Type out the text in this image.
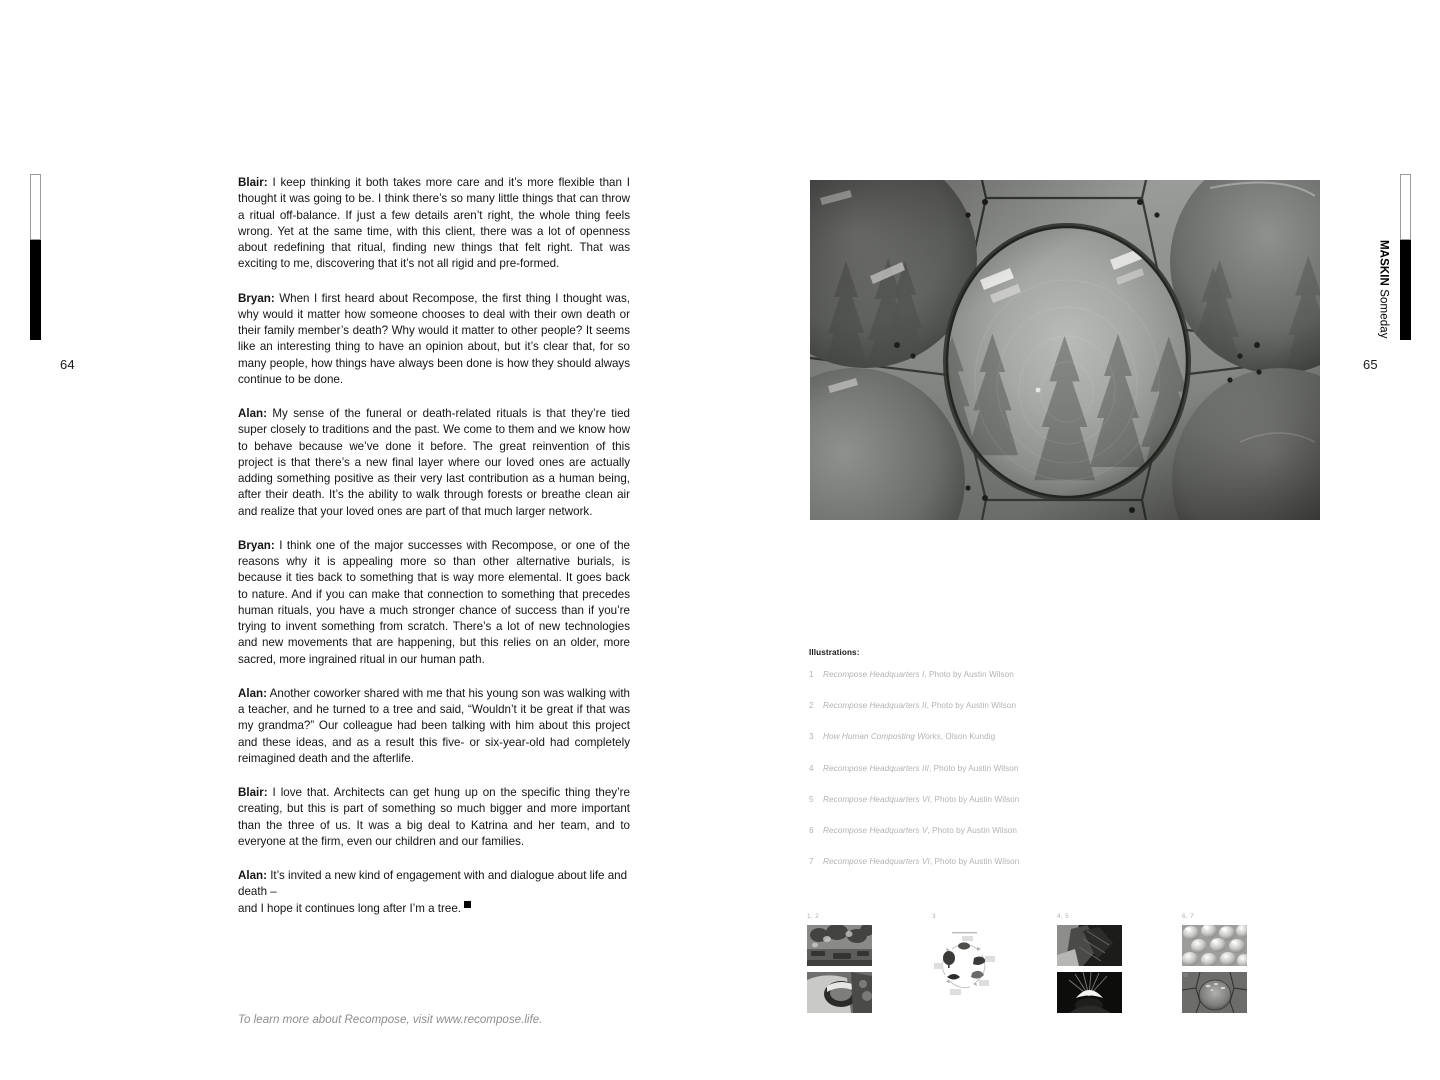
64	65
MASKIN Someday

Blair: I keep thinking it both takes more care and it’s more flexible than I thought it was going to be. I think there’s so many little things that can throw a ritual off-balance. If just a few details aren’t right, the whole thing feels wrong. Yet at the same time, with this client, there was a lot of openness about redefining that ritual, finding new things that felt right. That was exciting to me, discovering that it’s not all rigid and pre-formed.

Bryan: When I first heard about Recompose, the first thing I thought was, why would it matter how someone chooses to deal with their own death or their family member’s death? Why would it matter to other people? It seems like an interesting thing to have an opinion about, but it’s clear that, for so many people, how things have always been done is how they should always continue to be done.

Alan: My sense of the funeral or death-related rituals is that they’re tied super closely to traditions and the past. We come to them and we know how to behave because we’ve done it before. The great reinvention of this project is that there’s a new final layer where our loved ones are actually adding something positive as their very last contribution as a human being, after their death. It’s the ability to walk through forests or breathe clean air and realize that your loved ones are part of that much larger network.

Bryan: I think one of the major successes with Recompose, or one of the reasons why it is appealing more so than other alternative burials, is because it ties back to something that is way more elemental. It goes back to nature. And if you can make that connection to something that precedes human rituals, you have a much stronger chance of success than if you’re trying to invent something from scratch. There’s a lot of new technologies and new movements that are happening, but this relies on an older, more sacred, more ingrained ritual in our human path.

Alan: Another coworker shared with me that his young son was walking with a teacher, and he turned to a tree and said, “Wouldn’t it be great if that was my grandma?” Our colleague had been talking with him about this project and these ideas, and as a result this five- or six-year-old had completely reimagined death and the afterlife.

Blair: I love that. Architects can get hung up on the specific thing they’re creating, but this is part of something so much bigger and more important than the three of us. It was a big deal to Katrina and her team, and to everyone at the firm, even our children and our families.

Alan: It’s invited a new kind of engagement with and dialogue about life and death –
and I hope it continues long after I’m a tree.

To learn more about Recompose, visit www.recompose.life.
Illustrations:
1	Recompose Headquarters I, Photo by Austin Wilson
2	Recompose Headquarters II, Photo by Austin Wilson
3	How Human Composting Works, Olson Kundig
4	Recompose Headquarters III, Photo by Austin Wilson
5	Recompose Headquarters VI, Photo by Austin Wilson
6	Recompose Headquarters V, Photo by Austin Wilson
7	Recompose Headquarters VI, Photo by Austin Wilson
1, 2	3	4, 5	6, 7
